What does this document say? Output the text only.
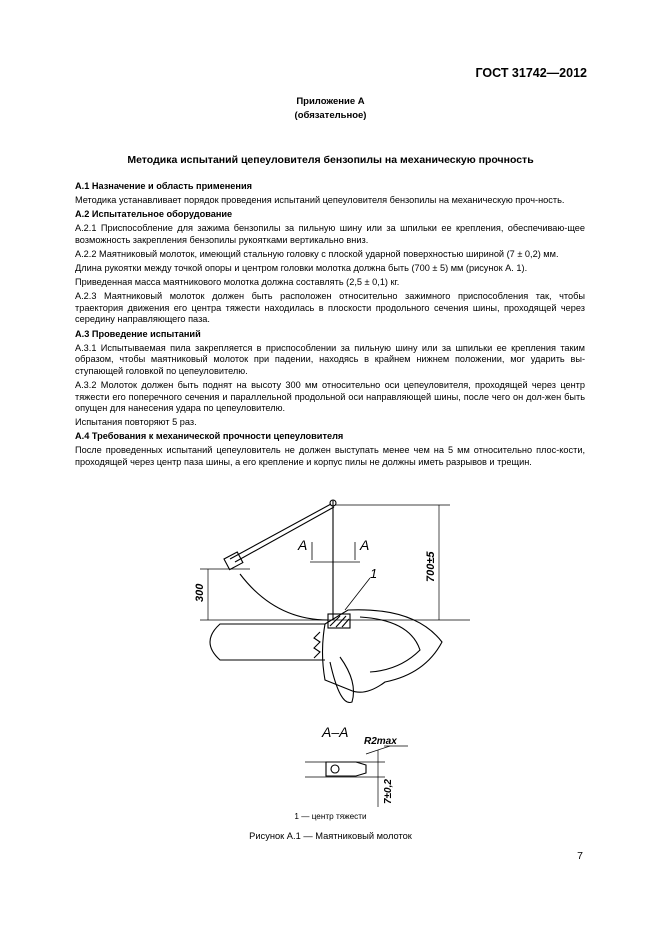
ГОСТ 31742—2012
Приложение А
(обязательное)
Методика испытаний цепеуловителя бензопилы на механическую прочность
А.1 Назначение и область применения

Методика устанавливает порядок проведения испытаний цепеуловителя бензопилы на механическую проч-ность.

А.2 Испытательное оборудование

А.2.1 Приспособление для зажима бензопилы за пильную шину или за шпильки ее крепления, обеспечиваю-щее возможность закрепления бензопилы рукоятками вертикально вниз.

А.2.2 Маятниковый молоток, имеющий стальную головку с плоской ударной поверхностью шириной (7 ± 0,2) мм.

Длина рукоятки между точкой опоры и центром головки молотка должна быть (700 ± 5) мм (рисунок А. 1).

Приведенная масса маятникового молотка должна составлять (2,5 ± 0,1) кг.

А.2.3 Маятниковый молоток должен быть расположен относительно зажимного приспособления так, чтобы траектория движения его центра тяжести находилась в плоскости продольного сечения шины, проходящей через середину направляющего паза.

А.3 Проведение испытаний

А.3.1 Испытываемая пила закрепляется в приспособлении за пильную шину или за шпильки ее крепления таким образом, чтобы маятниковый молоток при падении, находясь в крайнем нижнем положении, мог ударить вы-ступающей головкой по цепеуловителю.

А.3.2 Молоток должен быть поднят на высоту 300 мм относительно оси цепеуловителя, проходящей через центр тяжести его поперечного сечения и параллельной продольной оси направляющей шины, после чего он дол-жен быть опущен для нанесения удара по цепеуловителю.

Испытания повторяют 5 раз.

А.4 Требования к механической прочности цепеуловителя

После проведенных испытаний цепеуловитель не должен выступать менее чем на 5 мм относительно плос-кости, проходящей через центр паза шины, а его крепление и корпус пилы не должны иметь разрывов и трещин.

300
700±5
А	А
1
А–А
R2max
7±0,2
1 — центр тяжести
Рисунок А.1 — Маятниковый молоток
7
